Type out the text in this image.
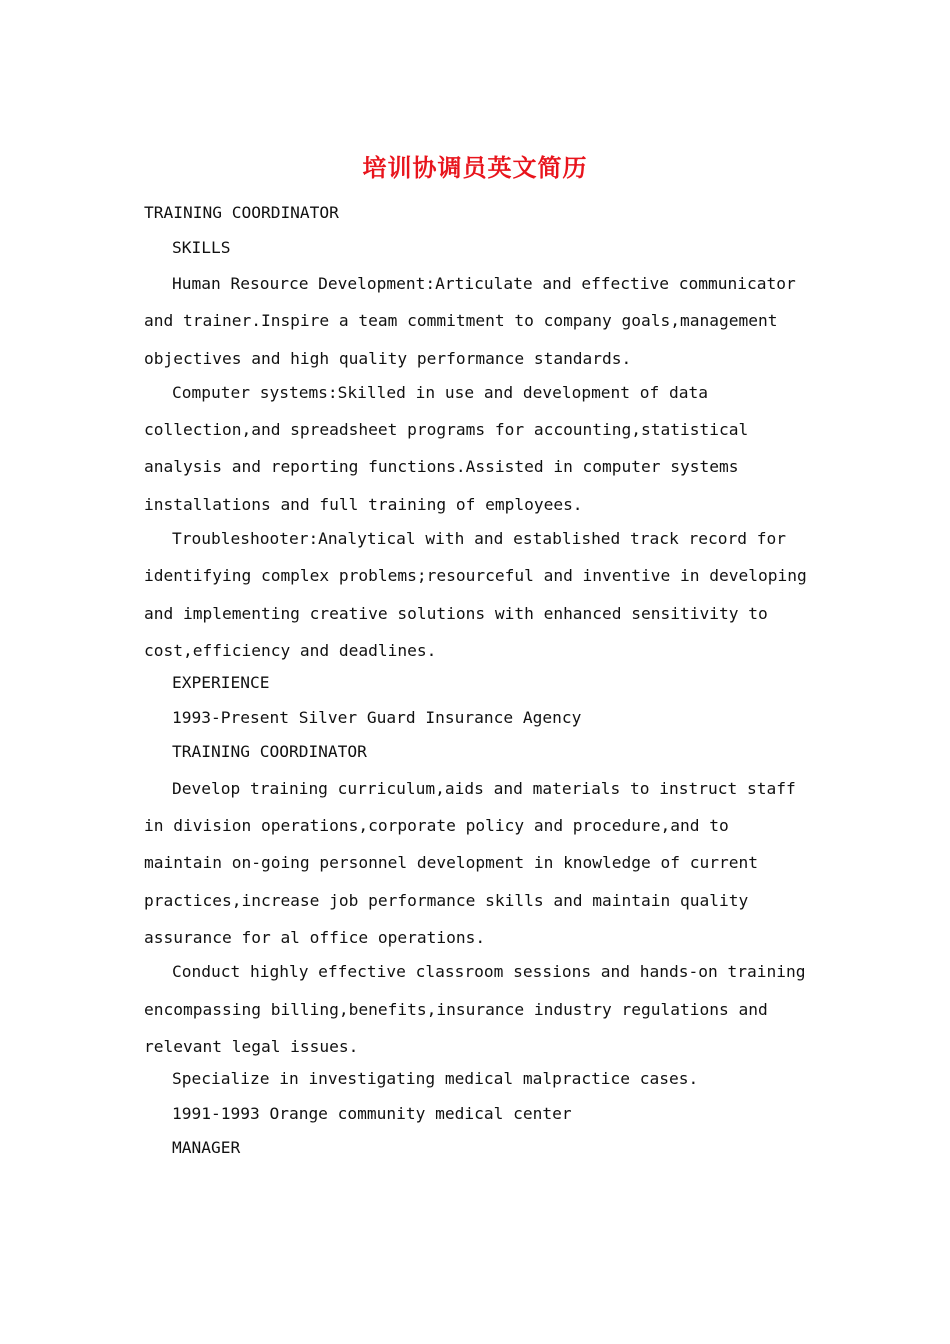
培训协调员英文简历

TRAINING COORDINATOR

SKILLS

Human Resource Development:Articulate and effective communicator and trainer.Inspire a team commitment to company goals,management objectives and high quality performance standards.

Computer systems:Skilled in use and development of data collection,and spreadsheet programs for accounting,statistical analysis and reporting functions.Assisted in computer systems installations and full training of employees.

Troubleshooter:Analytical with and established track record for identifying complex problems;resourceful and inventive in developing and implementing creative solutions with enhanced sensitivity to cost,efficiency and deadlines.

EXPERIENCE

1993-Present Silver Guard Insurance Agency

TRAINING COORDINATOR

Develop training curriculum,aids and materials to instruct staff in division operations,corporate policy and procedure,and to maintain on-going personnel development in knowledge of current practices,increase job performance skills and maintain quality assurance for al office operations.

Conduct highly effective classroom sessions and hands-on training encompassing billing,benefits,insurance industry regulations and relevant legal issues.

Specialize in investigating medical malpractice cases.

1991-1993 Orange community medical center

MANAGER
